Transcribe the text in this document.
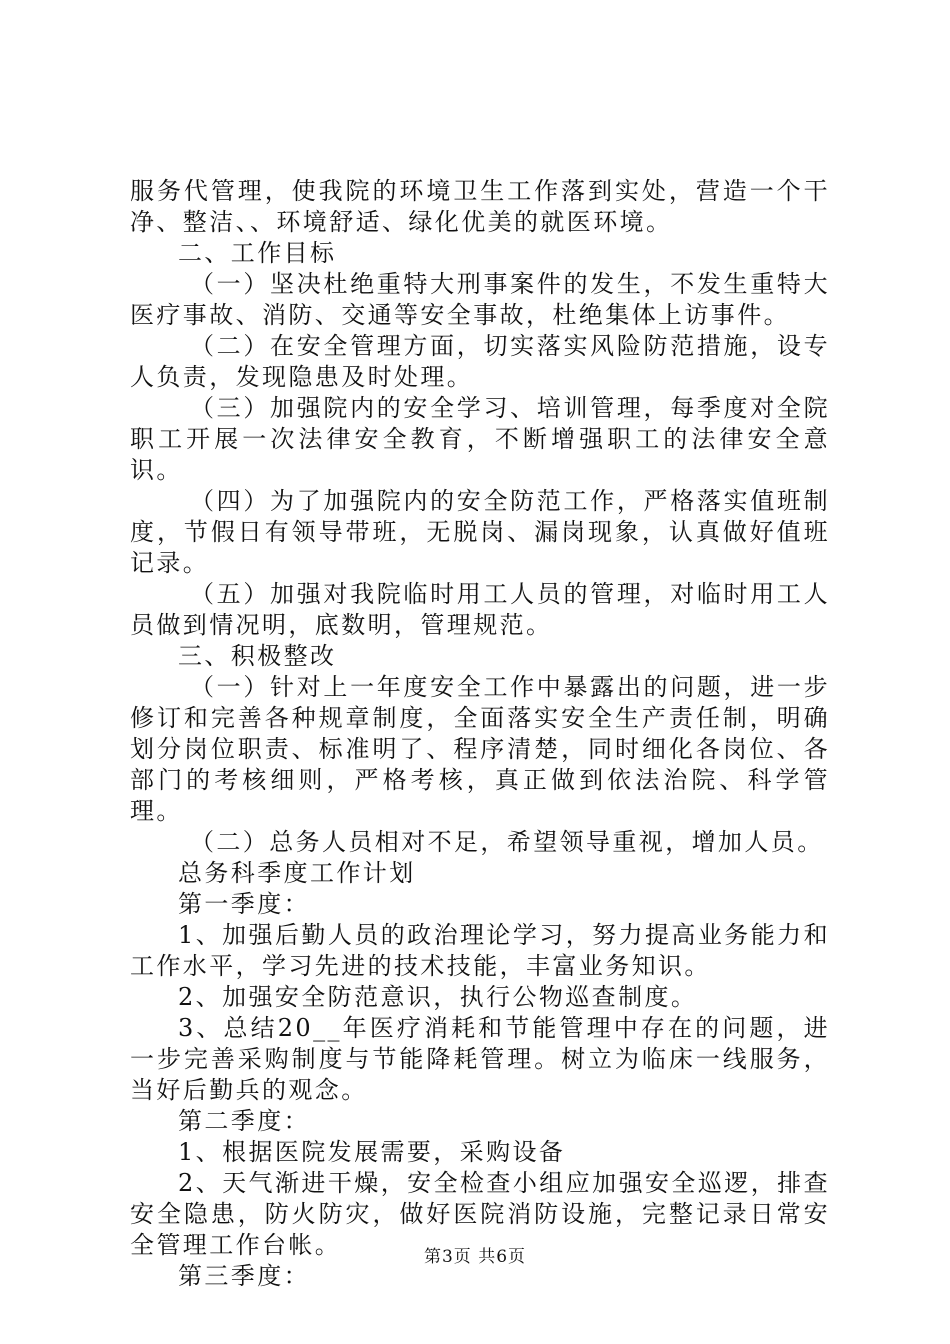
服务代管理，使我院的环境卫生工作落到实处，营造一个干净、整洁、、环境舒适、绿化优美的就医环境。

二、工作目标

（一）坚决杜绝重特大刑事案件的发生，不发生重特大医疗事故、消防、交通等安全事故，杜绝集体上访事件。

（二）在安全管理方面，切实落实风险防范措施，设专人负责，发现隐患及时处理。

（三）加强院内的安全学习、培训管理，每季度对全院职工开展一次法律安全教育，不断增强职工的法律安全意识。

（四）为了加强院内的安全防范工作，严格落实值班制度，节假日有领导带班，无脱岗、漏岗现象，认真做好值班记录。

（五）加强对我院临时用工人员的管理，对临时用工人员做到情况明，底数明，管理规范。

三、积极整改

（一）针对上一年度安全工作中暴露出的问题，进一步修订和完善各种规章制度，全面落实安全生产责任制，明确划分岗位职责、标准明了、程序清楚，同时细化各岗位、各部门的考核细则，严格考核，真正做到依法治院、科学管理。

（二）总务人员相对不足，希望领导重视，增加人员。

总务科季度工作计划

第一季度：

1、加强后勤人员的政治理论学习，努力提高业务能力和工作水平，学习先进的技术技能，丰富业务知识。

2、加强安全防范意识，执行公物巡查制度。

3、总结20__年医疗消耗和节能管理中存在的问题，进一步完善采购制度与节能降耗管理。树立为临床一线服务，当好后勤兵的观念。

第二季度：

1、根据医院发展需要，采购设备

2、天气渐进干燥，安全检查小组应加强安全巡逻，排查安全隐患，防火防灾，做好医院消防设施，完整记录日常安全管理工作台帐。

第三季度：

第3页 共6页
